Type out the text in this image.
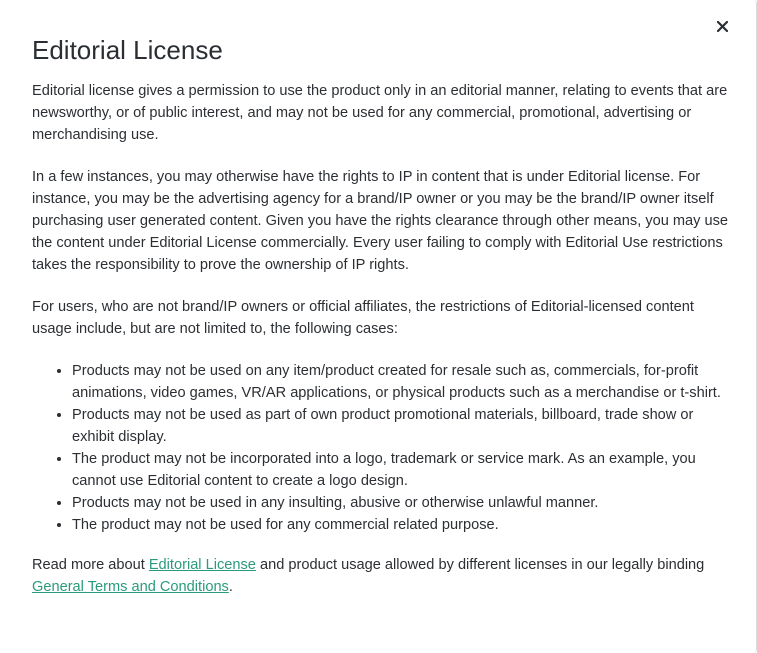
Editorial License

Editorial license gives a permission to use the product only in an editorial manner, relating to events that are newsworthy, or of public interest, and may not be used for any commercial, promotional, advertising or merchandising use.

In a few instances, you may otherwise have the rights to IP in content that is under Editorial license. For instance, you may be the advertising agency for a brand/IP owner or you may be the brand/IP owner itself purchasing user generated content. Given you have the rights clearance through other means, you may use the content under Editorial License commercially. Every user failing to comply with Editorial Use restrictions takes the responsibility to prove the ownership of IP rights.

For users, who are not brand/IP owners or official affiliates, the restrictions of Editorial-licensed content usage include, but are not limited to, the following cases:

• Products may not be used on any item/product created for resale such as, commercials, for-profit animations, video games, VR/AR applications, or physical products such as a merchandise or t-shirt.
• Products may not be used as part of own product promotional materials, billboard, trade show or exhibit display.
• The product may not be incorporated into a logo, trademark or service mark. As an example, you cannot use Editorial content to create a logo design.
• Products may not be used in any insulting, abusive or otherwise unlawful manner.
• The product may not be used for any commercial related purpose.

Read more about Editorial License and product usage allowed by different licenses in our legally binding General Terms and Conditions.
